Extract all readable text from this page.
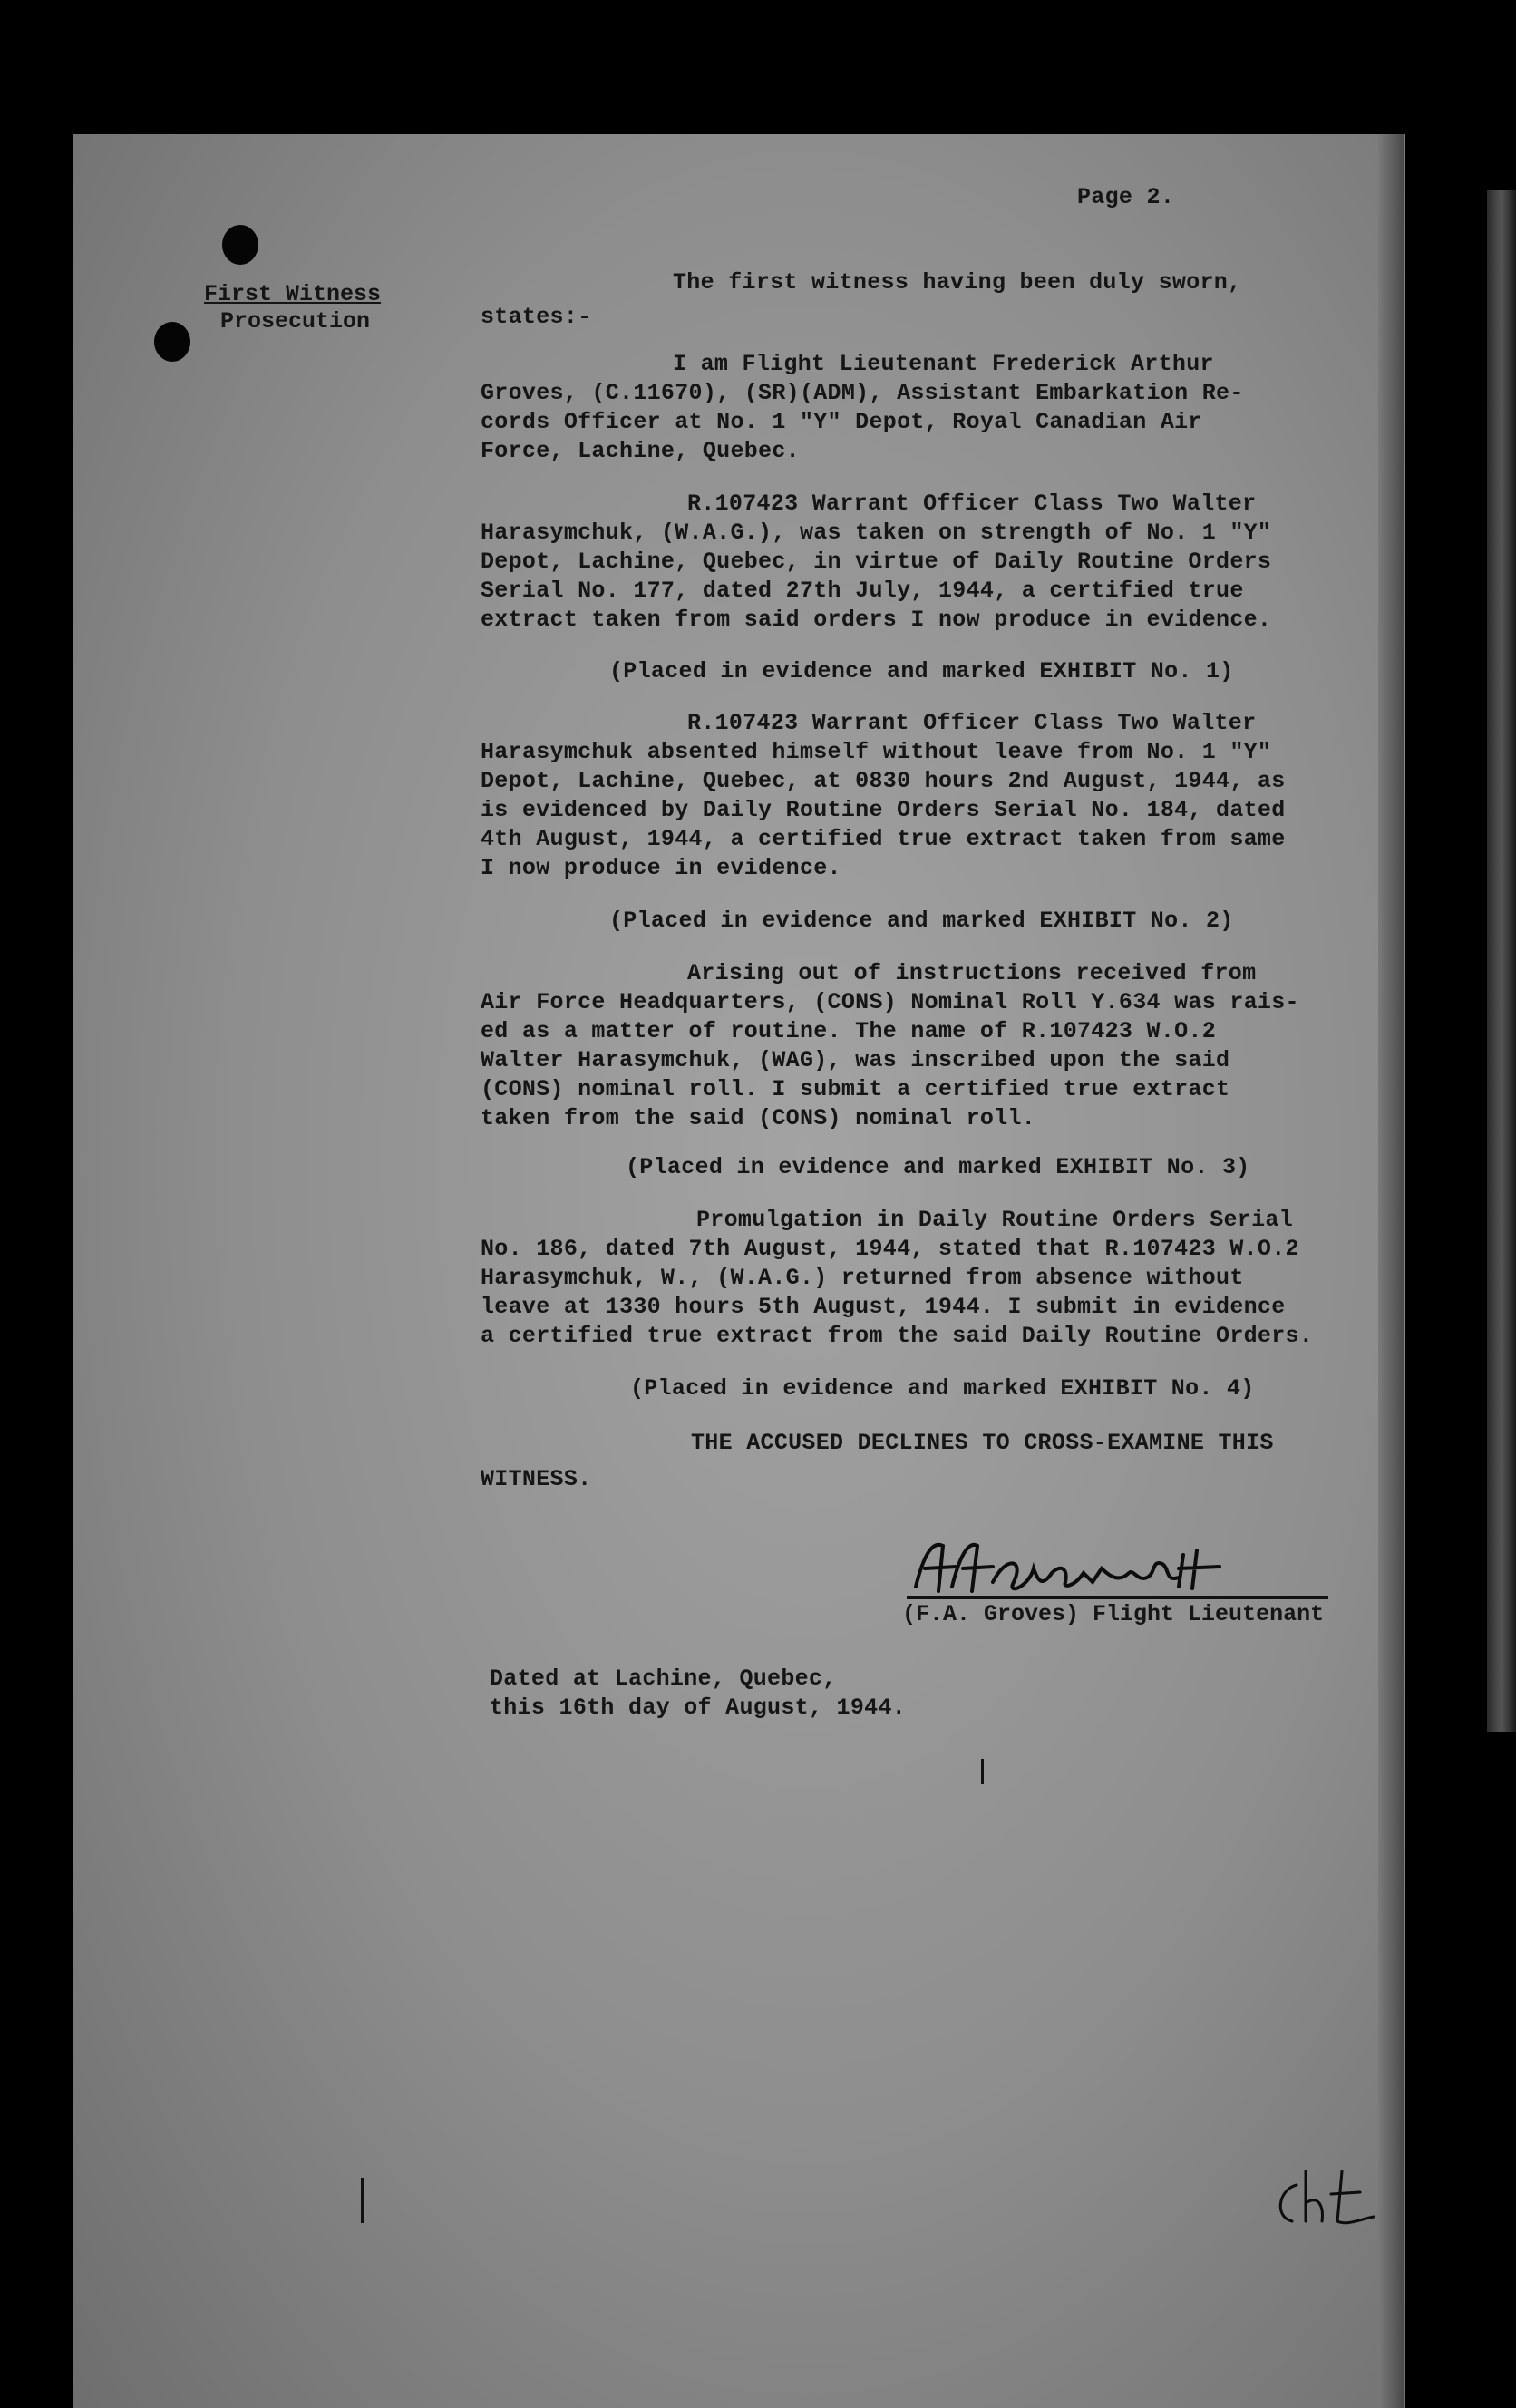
Page 2.
First Witness
Prosecution
The first witness having been duly sworn,
states:-
I am Flight Lieutenant Frederick Arthur
Groves, (C.11670), (SR)(ADM), Assistant Embarkation Re-
cords Officer at No. 1 "Y" Depot, Royal Canadian Air
Force, Lachine, Quebec.
R.107423 Warrant Officer Class Two Walter
Harasymchuk, (W.A.G.), was taken on strength of No. 1 "Y"
Depot, Lachine, Quebec, in virtue of Daily Routine Orders
Serial No. 177, dated 27th July, 1944, a certified true
extract taken from said orders I now produce in evidence.
(Placed in evidence and marked EXHIBIT No. 1)
R.107423 Warrant Officer Class Two Walter
Harasymchuk absented himself without leave from No. 1 "Y"
Depot, Lachine, Quebec, at 0830 hours 2nd August, 1944, as
is evidenced by Daily Routine Orders Serial No. 184, dated
4th August, 1944, a certified true extract taken from same
I now produce in evidence.
(Placed in evidence and marked EXHIBIT No. 2)
Arising out of instructions received from
Air Force Headquarters, (CONS) Nominal Roll Y.634 was rais-
ed as a matter of routine. The name of R.107423 W.O.2
Walter Harasymchuk, (WAG), was inscribed upon the said
(CONS) nominal roll. I submit a certified true extract
taken from the said (CONS) nominal roll.
(Placed in evidence and marked EXHIBIT No. 3)
Promulgation in Daily Routine Orders Serial
No. 186, dated 7th August, 1944, stated that R.107423 W.O.2
Harasymchuk, W., (W.A.G.) returned from absence without
leave at 1330 hours 5th August, 1944. I submit in evidence
a certified true extract from the said Daily Routine Orders.
(Placed in evidence and marked EXHIBIT No. 4)
THE ACCUSED DECLINES TO CROSS-EXAMINE THIS
WITNESS.
(F.A. Groves) Flight Lieutenant
Dated at Lachine, Quebec,
this 16th day of August, 1944.
